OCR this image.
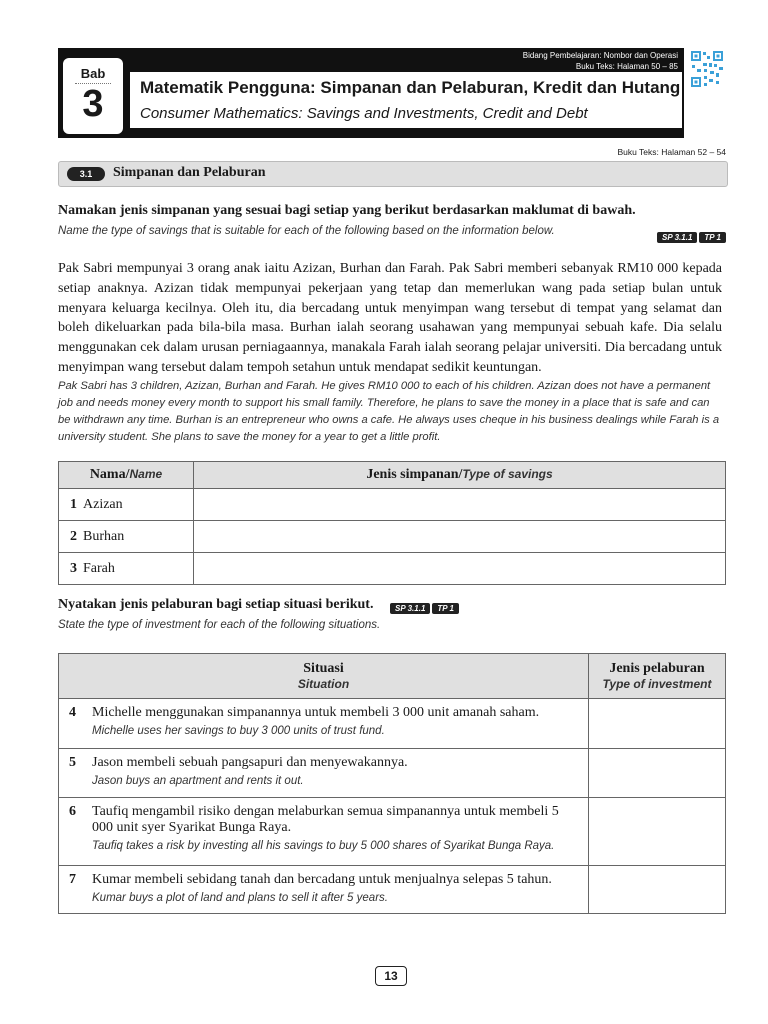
Bab
3
Bidang Pembelajaran: Nombor dan Operasi
Buku Teks: Halaman 50 – 85
Matematik Pengguna: Simpanan dan Pelaburan, Kredit dan Hutang
Consumer Mathematics: Savings and Investments, Credit and Debt
Buku Teks: Halaman 52 – 54
3.1	Simpanan dan Pelaburan
Namakan jenis simpanan yang sesuai bagi setiap yang berikut berdasarkan maklumat di bawah.
Name the type of savings that is suitable for each of the following based on the information below.
SP 3.1.1 TP 1
Pak Sabri mempunyai 3 orang anak iaitu Azizan, Burhan dan Farah. Pak Sabri memberi sebanyak RM10 000 kepada setiap anaknya. Azizan tidak mempunyai pekerjaan yang tetap dan memerlukan wang pada setiap bulan untuk menyara keluarga kecilnya. Oleh itu, dia bercadang untuk menyimpan wang tersebut di tempat yang selamat dan boleh dikeluarkan pada bila-bila masa. Burhan ialah seorang usahawan yang mempunyai sebuah kafe. Dia selalu menggunakan cek dalam urusan perniagaannya, manakala Farah ialah seorang pelajar universiti. Dia bercadang untuk menyimpan wang tersebut dalam tempoh setahun untuk mendapat sedikit keuntungan.
Pak Sabri has 3 children, Azizan, Burhan and Farah. He gives RM10 000 to each of his children. Azizan does not have a permanent job and needs money every month to support his small family. Therefore, he plans to save the money in a place that is safe and can be withdrawn any time. Burhan is an entrepreneur who owns a cafe. He always uses cheque in his business dealings while Farah is a university student. She plans to save the money for a year to get a little profit.
Nama/Name	Jenis simpanan/Type of savings
1 Azizan	
2 Burhan	
3 Farah	
Nyatakan jenis pelaburan bagi setiap situasi berikut.	SP 3.1.1 TP 1
State the type of investment for each of the following situations.
Situasi
Situation		Jenis pelaburan
Type of investment

4	Michelle menggunakan simpanannya untuk membeli 3 000 unit amanah saham.
Michelle uses her savings to buy 3 000 units of trust fund.	

5	Jason membeli sebuah pangsapuri dan menyewakannya.
Jason buys an apartment and rents it out.	

6	Taufiq mengambil risiko dengan melaburkan semua simpanannya untuk membeli 5 000 unit syer Syarikat Bunga Raya.
Taufiq takes a risk by investing all his savings to buy 5 000 shares of Syarikat Bunga Raya.	

7	Kumar membeli sebidang tanah dan bercadang untuk menjualnya selepas 5 tahun.
Kumar buys a plot of land and plans to sell it after 5 years.	

13
